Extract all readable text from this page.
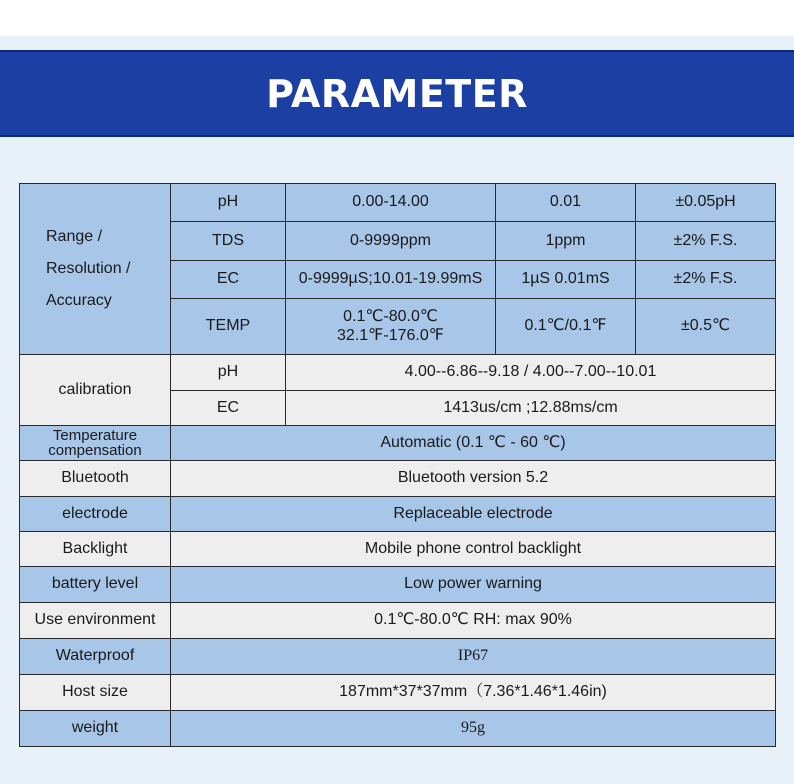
PARAMETER
Range /
Resolution /
Accuracy	pH	0.00-14.00	0.01	±0.05pH
	TDS	0-9999ppm	1ppm	±2% F.S.
	EC	0-9999µS;10.01-19.99mS	1µS 0.01mS	±2% F.S.
	TEMP	0.1℃-80.0℃ 32.1℉-176.0℉	0.1℃/0.1℉	±0.5℃
calibration	pH	4.00--6.86--9.18 / 4.00--7.00--10.01		
	EC	1413us/cm ;12.88ms/cm		
Temperature compensation	Automatic (0.1 ℃ - 60 ℃)			
Bluetooth	Bluetooth version 5.2			
electrode	Replaceable electrode			
Backlight	Mobile phone control backlight			
battery level	Low power warning			
Use environment	0.1℃-80.0℃ RH: max 90%			
Waterproof	IP67			
Host size	187mm*37*37mm（7.36*1.46*1.46in)			
weight	95g			
